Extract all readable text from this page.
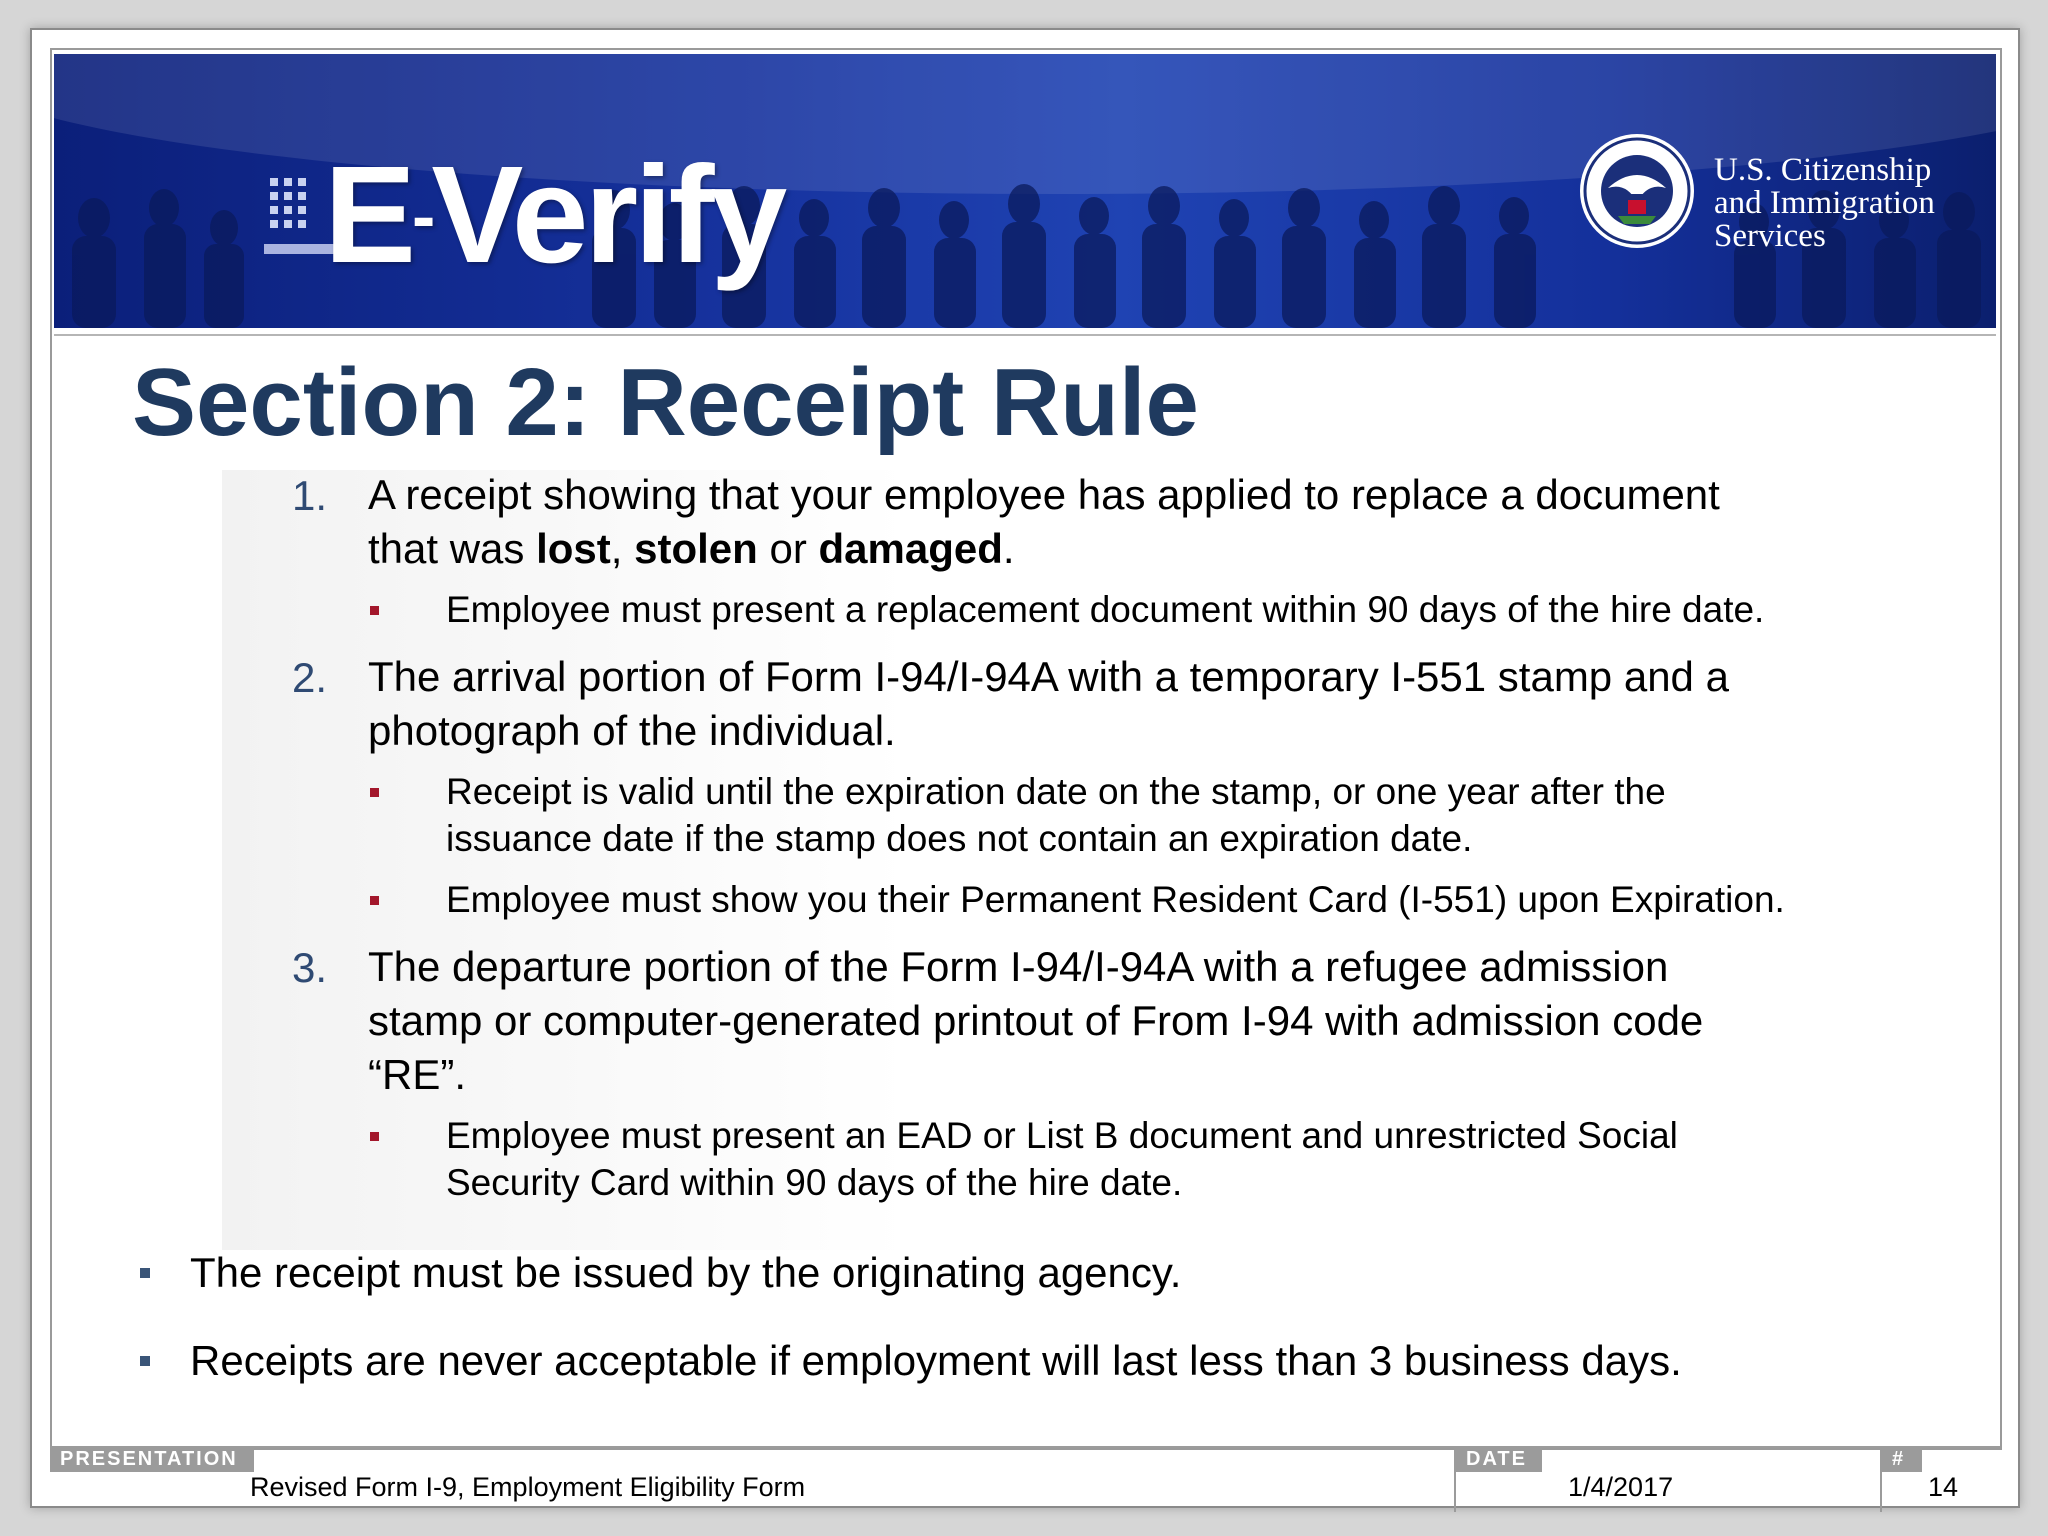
E-Verify	U.S. Citizenship
and Immigration
Services
Section 2: Receipt Rule
1. A receipt showing that your employee has applied to replace a document
that was lost, stolen or damaged.
Employee must present a replacement document within 90 days of the hire date.
2. The arrival portion of Form I-94/I-94A with a temporary I-551 stamp and a
photograph of the individual.
Receipt is valid until the expiration date on the stamp, or one year after the
issuance date if the stamp does not contain an expiration date.
Employee must show you their Permanent Resident Card (I-551) upon Expiration.
3. The departure portion of the Form I-94/I-94A with a refugee admission
stamp or computer-generated printout of From I-94 with admission code
“RE”.
Employee must present an EAD or List B document and unrestricted Social
Security Card within 90 days of the hire date.
The receipt must be issued by the originating agency.
Receipts are never acceptable if employment will last less than 3 business days.
PRESENTATION
Revised Form I-9, Employment Eligibility Form
DATE
1/4/2017
#
14
